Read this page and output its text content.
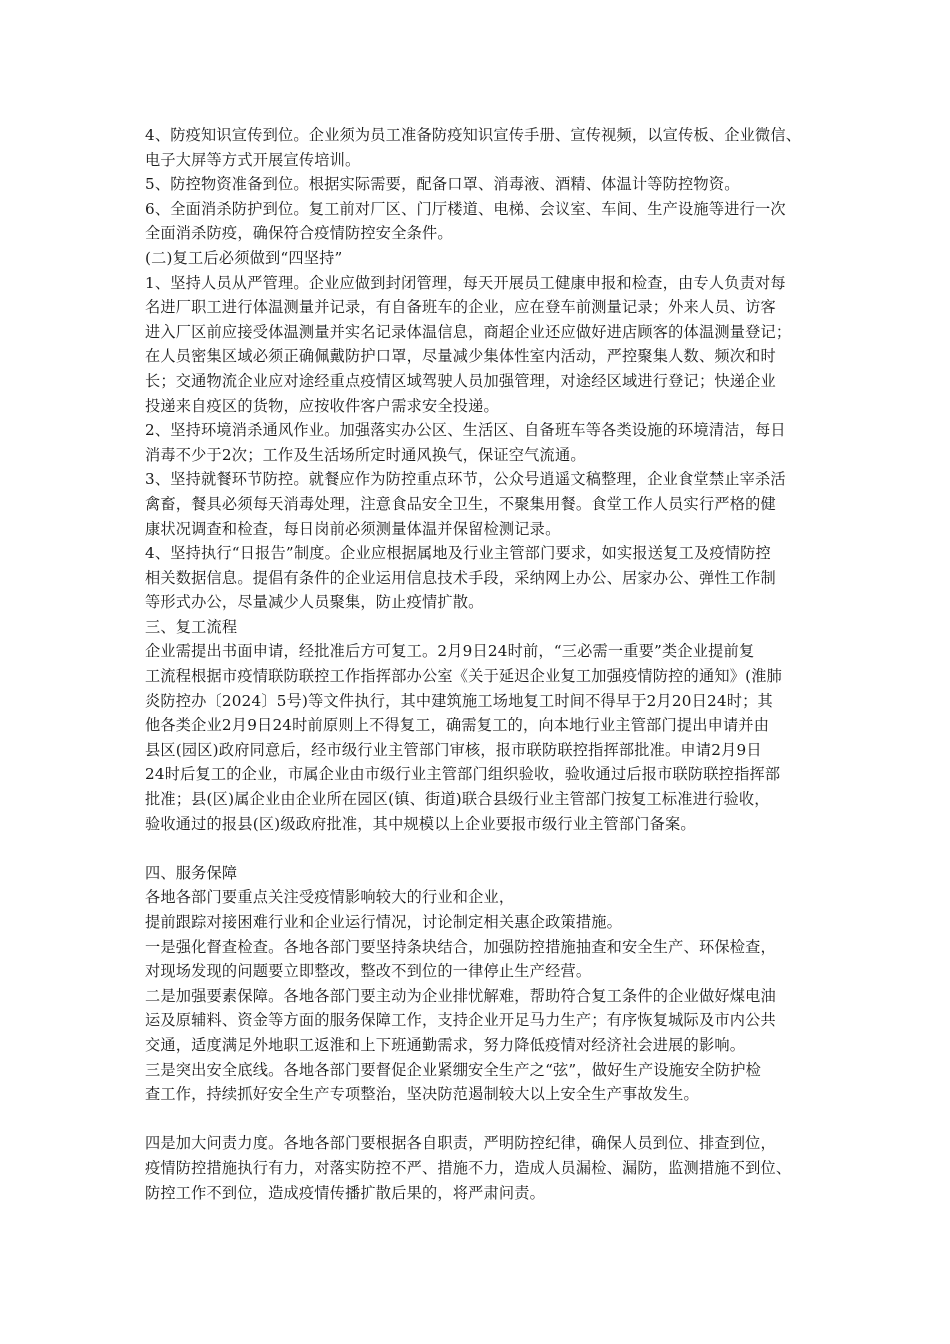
4、防疫知识宣传到位。企业须为员工准备防疫知识宣传手册、宣传视频，以宣传板、企业微信、
电子大屏等方式开展宣传培训。
5、防控物资准备到位。根据实际需要，配备口罩、消毒液、酒精、体温计等防控物资。
6、全面消杀防护到位。复工前对厂区、门厅楼道、电梯、会议室、车间、生产设施等进行一次
全面消杀防疫，确保符合疫情防控安全条件。
(二)复工后必须做到“四坚持”
1、坚持人员从严管理。企业应做到封闭管理，每天开展员工健康申报和检查，由专人负责对每
名进厂职工进行体温测量并记录，有自备班车的企业，应在登车前测量记录；外来人员、访客
进入厂区前应接受体温测量并实名记录体温信息，商超企业还应做好进店顾客的体温测量登记；
在人员密集区域必须正确佩戴防护口罩，尽量减少集体性室内活动，严控聚集人数、频次和时
长；交通物流企业应对途经重点疫情区域驾驶人员加强管理，对途经区域进行登记；快递企业
投递来自疫区的货物，应按收件客户需求安全投递。
2、坚持环境消杀通风作业。加强落实办公区、生活区、自备班车等各类设施的环境清洁，每日
消毒不少于2次；工作及生活场所定时通风换气，保证空气流通。
3、坚持就餐环节防控。就餐应作为防控重点环节，公众号逍遥文稿整理，企业食堂禁止宰杀活
禽畜，餐具必须每天消毒处理，注意食品安全卫生，不聚集用餐。食堂工作人员实行严格的健
康状况调查和检查，每日岗前必须测量体温并保留检测记录。
4、坚持执行“日报告”制度。企业应根据属地及行业主管部门要求，如实报送复工及疫情防控
相关数据信息。提倡有条件的企业运用信息技术手段，采纳网上办公、居家办公、弹性工作制
等形式办公，尽量减少人员聚集，防止疫情扩散。
三、复工流程
企业需提出书面申请，经批准后方可复工。2月9日24时前，“三必需一重要”类企业提前复
工流程根据市疫情联防联控工作指挥部办公室《关于延迟企业复工加强疫情防控的通知》(淮肺
炎防控办〔2024〕5号)等文件执行，其中建筑施工场地复工时间不得早于2月20日24时；其
他各类企业2月9日24时前原则上不得复工，确需复工的，向本地行业主管部门提出申请并由
县区(园区)政府同意后，经市级行业主管部门审核，报市联防联控指挥部批准。申请2月9日
24时后复工的企业，市属企业由市级行业主管部门组织验收，验收通过后报市联防联控指挥部
批准；县(区)属企业由企业所在园区(镇、街道)联合县级行业主管部门按复工标准进行验收，
验收通过的报县(区)级政府批准，其中规模以上企业要报市级行业主管部门备案。
四、服务保障
各地各部门要重点关注受疫情影响较大的行业和企业，
提前跟踪对接困难行业和企业运行情况，讨论制定相关惠企政策措施。
一是强化督查检查。各地各部门要坚持条块结合，加强防控措施抽查和安全生产、环保检查，
对现场发现的问题要立即整改，整改不到位的一律停止生产经营。
二是加强要素保障。各地各部门要主动为企业排忧解难，帮助符合复工条件的企业做好煤电油
运及原辅料、资金等方面的服务保障工作，支持企业开足马力生产；有序恢复城际及市内公共
交通，适度满足外地职工返淮和上下班通勤需求，努力降低疫情对经济社会进展的影响。
三是突出安全底线。各地各部门要督促企业紧绷安全生产之“弦”，做好生产设施安全防护检
查工作，持续抓好安全生产专项整治，坚决防范遏制较大以上安全生产事故发生。
四是加大问责力度。各地各部门要根据各自职责，严明防控纪律，确保人员到位、排查到位，
疫情防控措施执行有力，对落实防控不严、措施不力，造成人员漏检、漏防，监测措施不到位、
防控工作不到位，造成疫情传播扩散后果的，将严肃问责。
